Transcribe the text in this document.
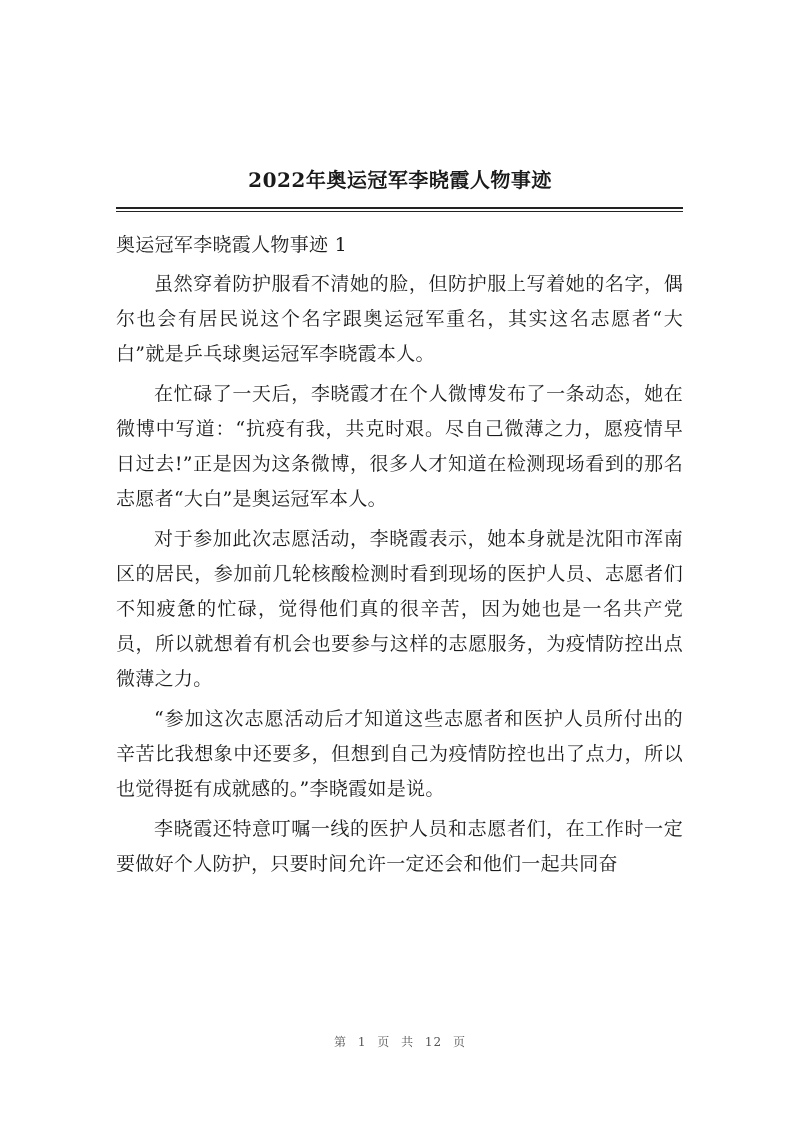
2022年奥运冠军李晓霞人物事迹
奥运冠军李晓霞人物事迹 1

虽然穿着防护服看不清她的脸，但防护服上写着她的名字，偶尔也会有居民说这个名字跟奥运冠军重名，其实这名志愿者“大白”就是乒乓球奥运冠军李晓霞本人。

在忙碌了一天后，李晓霞才在个人微博发布了一条动态，她在微博中写道：“抗疫有我，共克时艰。尽自己微薄之力，愿疫情早日过去!”正是因为这条微博，很多人才知道在检测现场看到的那名志愿者“大白”是奥运冠军本人。

对于参加此次志愿活动，李晓霞表示，她本身就是沈阳市浑南区的居民，参加前几轮核酸检测时看到现场的医护人员、志愿者们不知疲惫的忙碌，觉得他们真的很辛苦，因为她也是一名共产党员，所以就想着有机会也要参与这样的志愿服务，为疫情防控出点微薄之力。

“参加这次志愿活动后才知道这些志愿者和医护人员所付出的辛苦比我想象中还要多，但想到自己为疫情防控也出了点力，所以也觉得挺有成就感的。”李晓霞如是说。

李晓霞还特意叮嘱一线的医护人员和志愿者们，在工作时一定要做好个人防护，只要时间允许一定还会和他们一起共同奋

第 1 页 共 12 页
